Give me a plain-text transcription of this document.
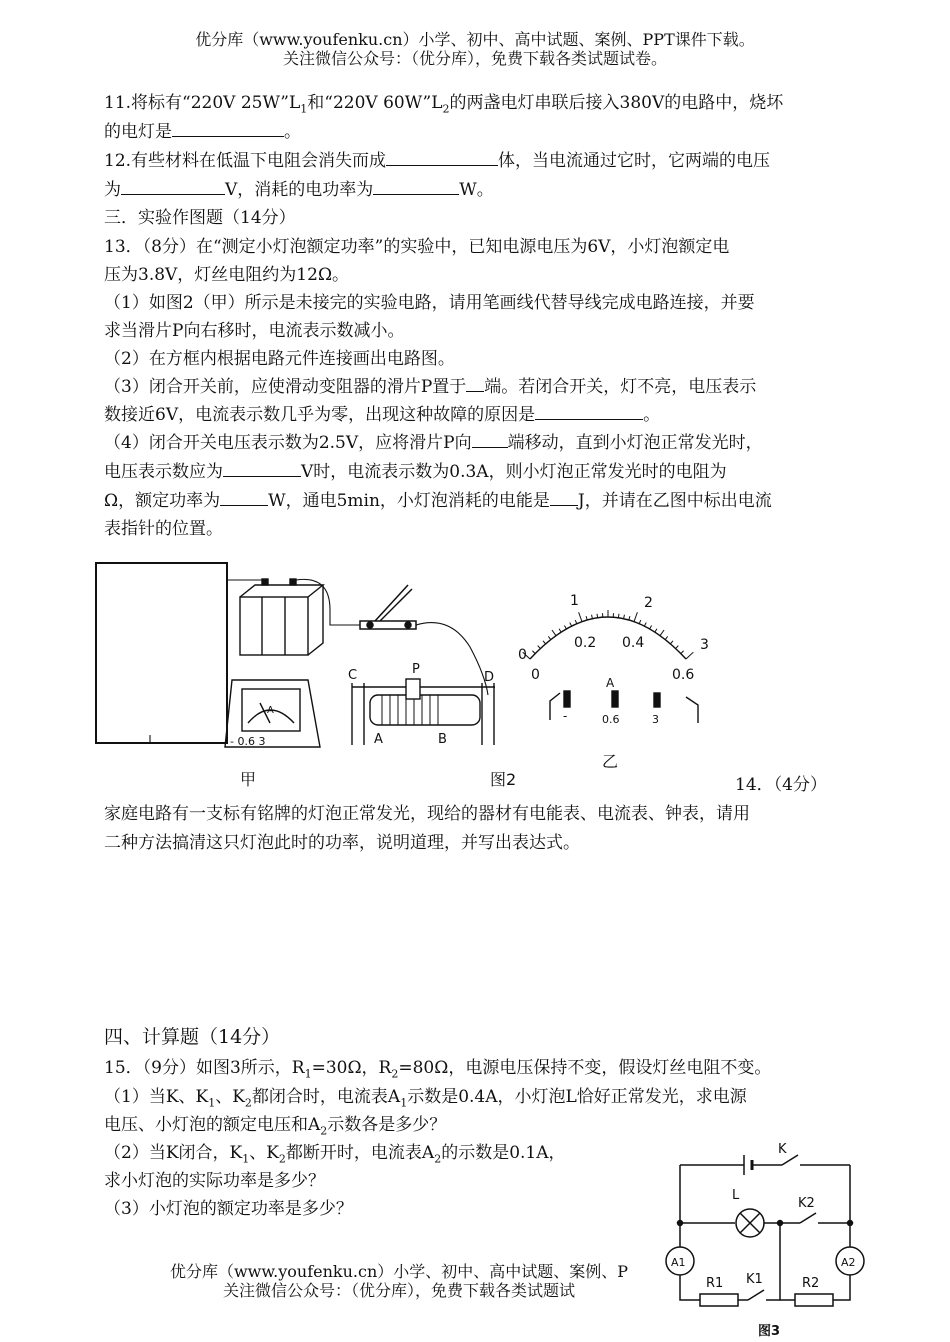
优分库（www.youfenku.cn）小学、初中、高中试题、案例、PPT课件下载。
关注微信公众号：（优分库），免费下载各类试题试卷。
11.将标有“220V $25W”L_1$和“220V $60W”L_2$的两盏电灯串联后接入380V的电路中，烧坏
的电灯是	。
12.有些材料在低温下电阻会消失而成	体，当电流通过它时，它两端的电压
为	V，消耗的电功率为	W。
三．实验作图题（14分）
13．（8分）在“测定小灯泡额定功率”的实验中，已知电源电压为6V，小灯泡额定电
压为3.8V，灯丝电阻约为12Ω。
（1）如图2（甲）所示是未接完的实验电路，请用笔画线代替导线完成电路连接，并要
求当滑片P向右移时，电流表示数减小。
（2）在方框内根据电路元件连接画出电路图。
（3）闭合开关前，应使滑动变阻器的滑片P置于 端。若闭合开关，灯不亮，电压表示
数接近6V，电流表示数几乎为零，出现这种故障的原因是	。
（4）闭合开关电压表示数为2.5V，应将滑片P向 端移动，直到小灯泡正常发光时，
电压表示数应为	V时，电流表示数为0.3A，则小灯泡正常发光时的电阻为
Ω，额定功率为	W，通电5min，小灯泡消耗的电能是 J，并请在乙图中标出电流
表指针的位置。
A
- 0.6 3
C	P
D
A	B
0
1	2
3
0
0.2 0.4
0.6
A
-	0.6	3
甲	图2
乙
14．（4分）
家庭电路有一支标有铭牌的灯泡正常发光，现给的器材有电能表、电流表、钟表，请用
二种方法搞清这只灯泡此时的功率，说明道理，并写出表达式。
四、计算题（14分）
15．（9分）如图3所示，$R_1=30\Omega$，$R_2=80\Omega$，电源电压保持不变，假设灯丝电阻不变。
（1）当K、$K_1$、$K_2$都闭合时，电流表$A_1$示数是0.4A，小灯泡L恰好正常发光，求电源
电压、小灯泡的额定电压和$A_2$示数各是多少？
（2）当K闭合，$K_1$、$K_2$都断开时，电流表$A_2$的示数是0.1A，
求小灯泡的实际功率是多少？
（3）小灯泡的额定功率是多少？
K
L
K2
A1	A2
R1 K1	R2
图3
优分库（www.youfenku.cn）小学、初中、高中试题、案例、P
关注微信公众号：（优分库），免费下载各类试题试
